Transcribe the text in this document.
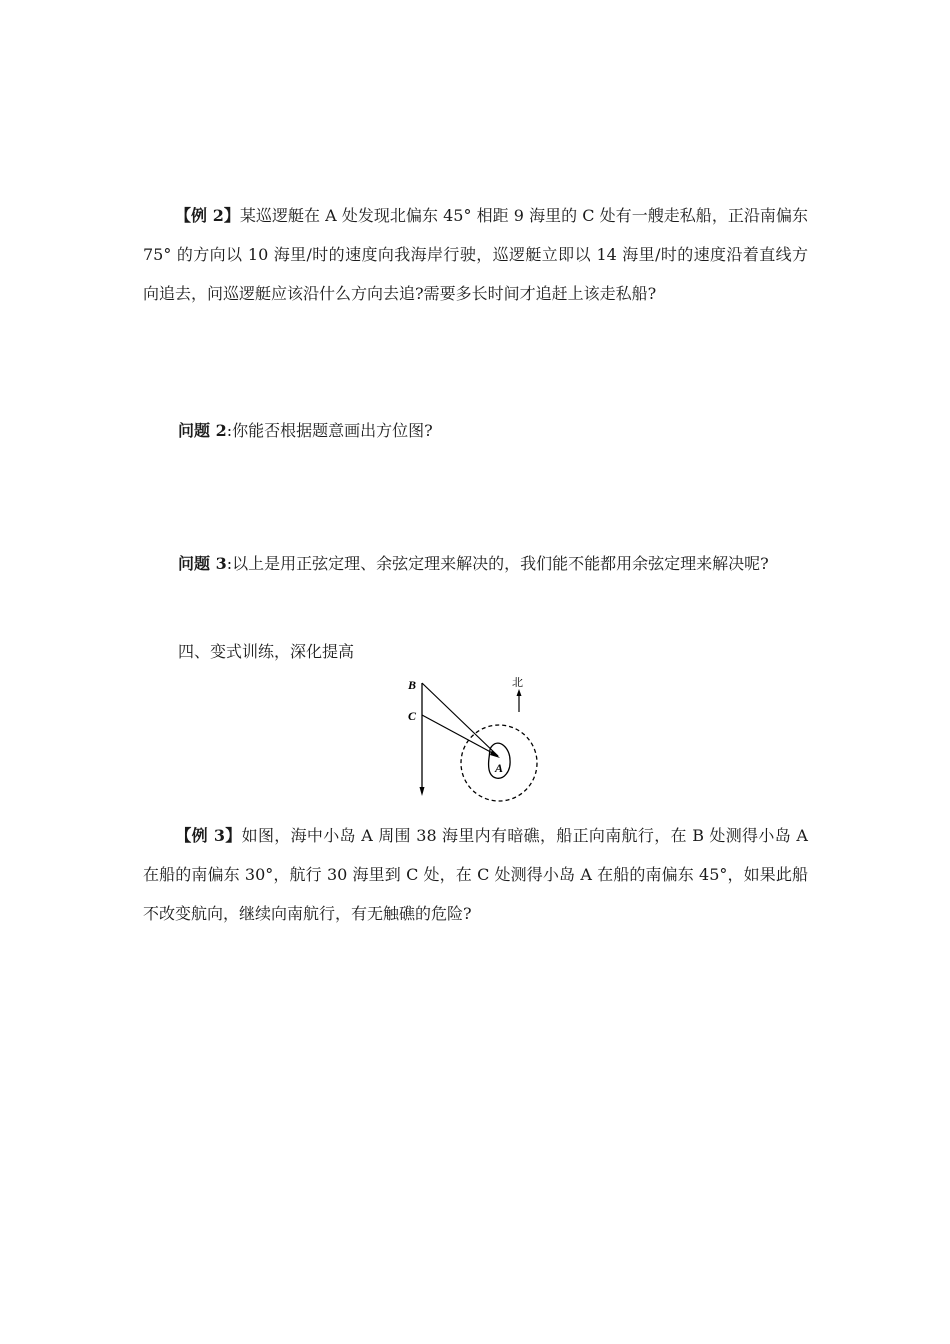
【例 2】某巡逻艇在 A 处发现北偏东 45° 相距 9 海里的 C 处有一艘走私船，正沿南偏东 75° 的方向以 10 海里/时的速度向我海岸行驶，巡逻艇立即以 14 海里/时的速度沿着直线方向追去，问巡逻艇应该沿什么方向去追?需要多长时间才追赶上该走私船?
问题 2:你能否根据题意画出方位图?
问题 3:以上是用正弦定理、余弦定理来解决的，我们能不能都用余弦定理来解决呢?
四、变式训练，深化提高
B
C
A
北
【例 3】如图，海中小岛 A 周围 38 海里内有暗礁，船正向南航行，在 B 处测得小岛 A 在船的南偏东 30°，航行 30 海里到 C 处，在 C 处测得小岛 A 在船的南偏东 45°，如果此船不改变航向，继续向南航行，有无触礁的危险?
